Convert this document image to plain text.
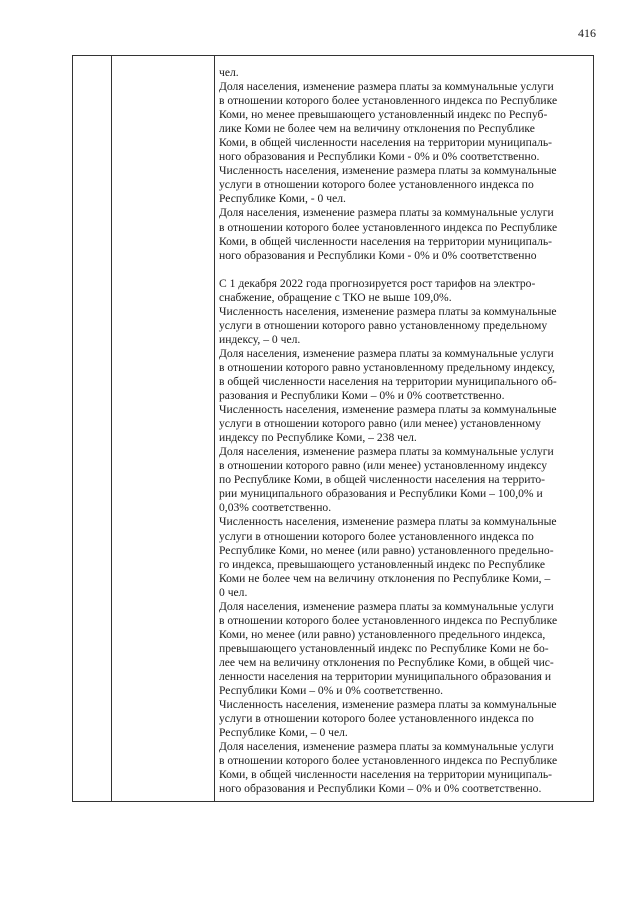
416
чел.
Доля населения, изменение размера платы за коммунальные услуги
в отношении которого более установленного индекса по Республике
Коми, но менее превышающего установленный индекс по Респуб-
лике Коми не более чем на величину отклонения по Республике
Коми, в общей численности населения на территории муниципаль-
ного образования и Республики Коми - 0% и 0% соответственно.
Численность населения, изменение размера платы за коммунальные
услуги в отношении которого более установленного индекса по
Республике Коми, - 0 чел.
Доля населения, изменение размера платы за коммунальные услуги
в отношении которого более установленного индекса по Республике
Коми, в общей численности населения на территории муниципаль-
ного образования и Республики Коми - 0% и 0% соответственно
С 1 декабря 2022 года прогнозируется рост тарифов на электро-
снабжение, обращение с ТКО не выше 109,0%.
Численность населения, изменение размера платы за коммунальные
услуги в отношении которого равно установленному предельному
индексу, – 0 чел.
Доля населения, изменение размера платы за коммунальные услуги
в отношении которого равно установленному предельному индексу,
в общей численности населения на территории муниципального об-
разования и Республики Коми – 0% и 0% соответственно.
Численность населения, изменение размера платы за коммунальные
услуги в отношении которого равно (или менее) установленному
индексу по Республике Коми, – 238 чел.
Доля населения, изменение размера платы за коммунальные услуги
в отношении которого равно (или менее) установленному индексу
по Республике Коми, в общей численности населения на террито-
рии муниципального образования и Республики Коми – 100,0% и
0,03% соответственно.
Численность населения, изменение размера платы за коммунальные
услуги в отношении которого более установленного индекса по
Республике Коми, но менее (или равно) установленного предельно-
го индекса, превышающего установленный индекс по Республике
Коми не более чем на величину отклонения по Республике Коми, –
0 чел.
Доля населения, изменение размера платы за коммунальные услуги
в отношении которого более установленного индекса по Республике
Коми, но менее (или равно) установленного предельного индекса,
превышающего установленный индекс по Республике Коми не бо-
лее чем на величину отклонения по Республике Коми, в общей чис-
ленности населения на территории муниципального образования и
Республики Коми – 0% и 0% соответственно.
Численность населения, изменение размера платы за коммунальные
услуги в отношении которого более установленного индекса по
Республике Коми, – 0 чел.
Доля населения, изменение размера платы за коммунальные услуги
в отношении которого более установленного индекса по Республике
Коми, в общей численности населения на территории муниципаль-
ного образования и Республики Коми – 0% и 0% соответственно.
